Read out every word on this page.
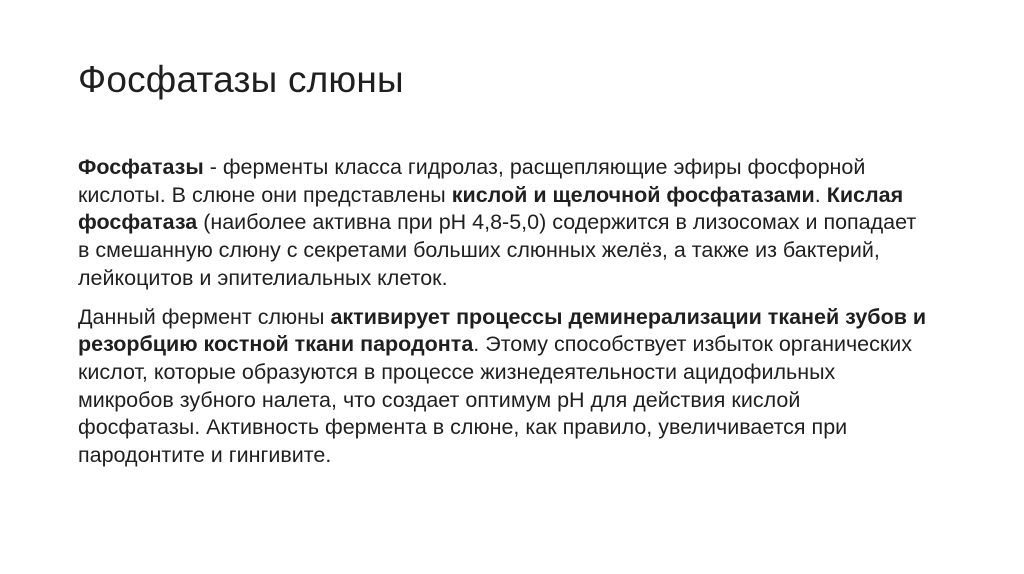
Фосфатазы слюны

Фосфатазы - ферменты класса гидролаз, расщепляющие эфиры фосфорной кислоты. В слюне они представлены кислой и щелочной фосфатазами. Кислая фосфатаза (наиболее активна при рН 4,8-5,0) содержится в лизосомах и попадает в смешанную слюну с секретами больших слюнных желёз, а также из бактерий, лейкоцитов и эпителиальных клеток.

Данный фермент слюны активирует процессы деминерализации тканей зубов и резорбцию костной ткани пародонта. Этому способствует избыток органических кислот, которые образуются в процессе жизнедеятельности ацидофильных микробов зубного налета, что создает оптимум рН для действия кислой фосфатазы. Активность фермента в слюне, как правило, увеличивается при пародонтите и гингивите.
